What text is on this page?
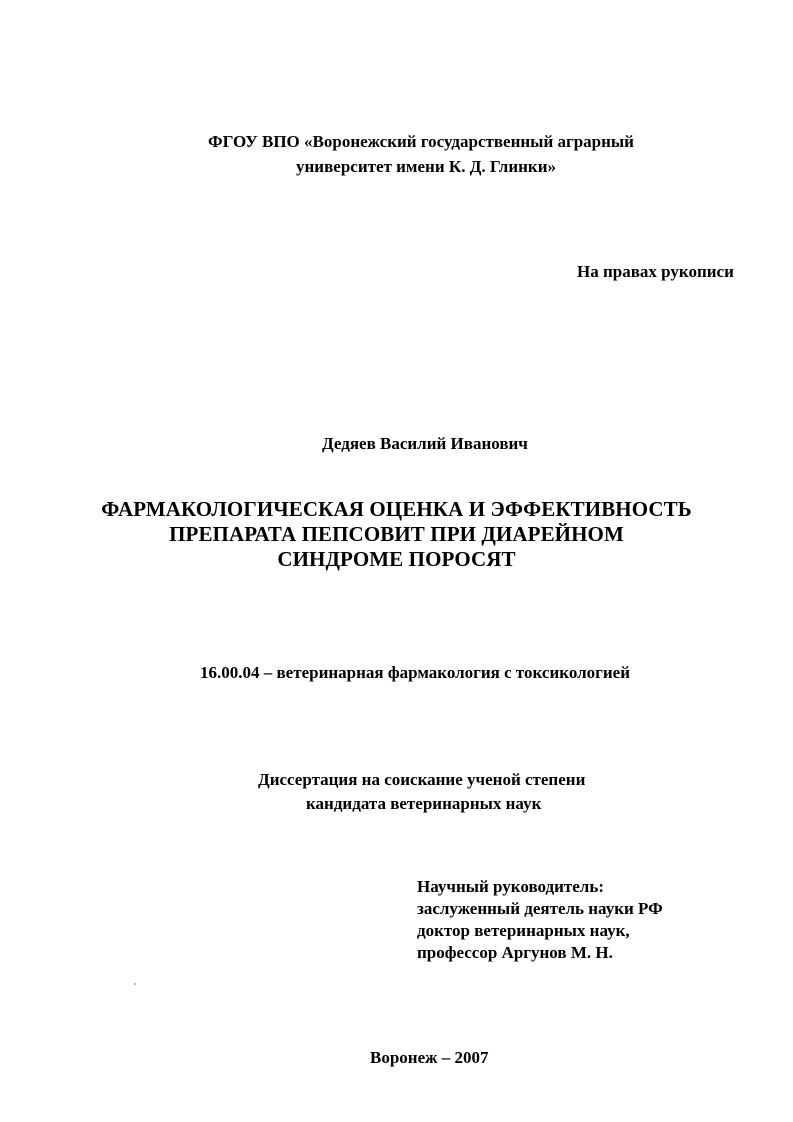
ФГОУ ВПО «Воронежский государственный аграрный

университет имени К. Д. Глинки»

На правах рукописи

Дедяев Василий Иванович

ФАРМАКОЛОГИЧЕСКАЯ ОЦЕНКА И ЭФФЕКТИВНОСТЬ

ПРЕПАРАТА ПЕПСОВИТ ПРИ ДИАРЕЙНОМ

СИНДРОМЕ ПОРОСЯТ

16.00.04 – ветеринарная фармакология с токсикологией

Диссертация на соискание ученой степени

кандидата ветеринарных наук

Научный руководитель:

заслуженный деятель науки РФ

доктор ветеринарных наук,

профессор Аргунов М. Н.

Воронеж – 2007
